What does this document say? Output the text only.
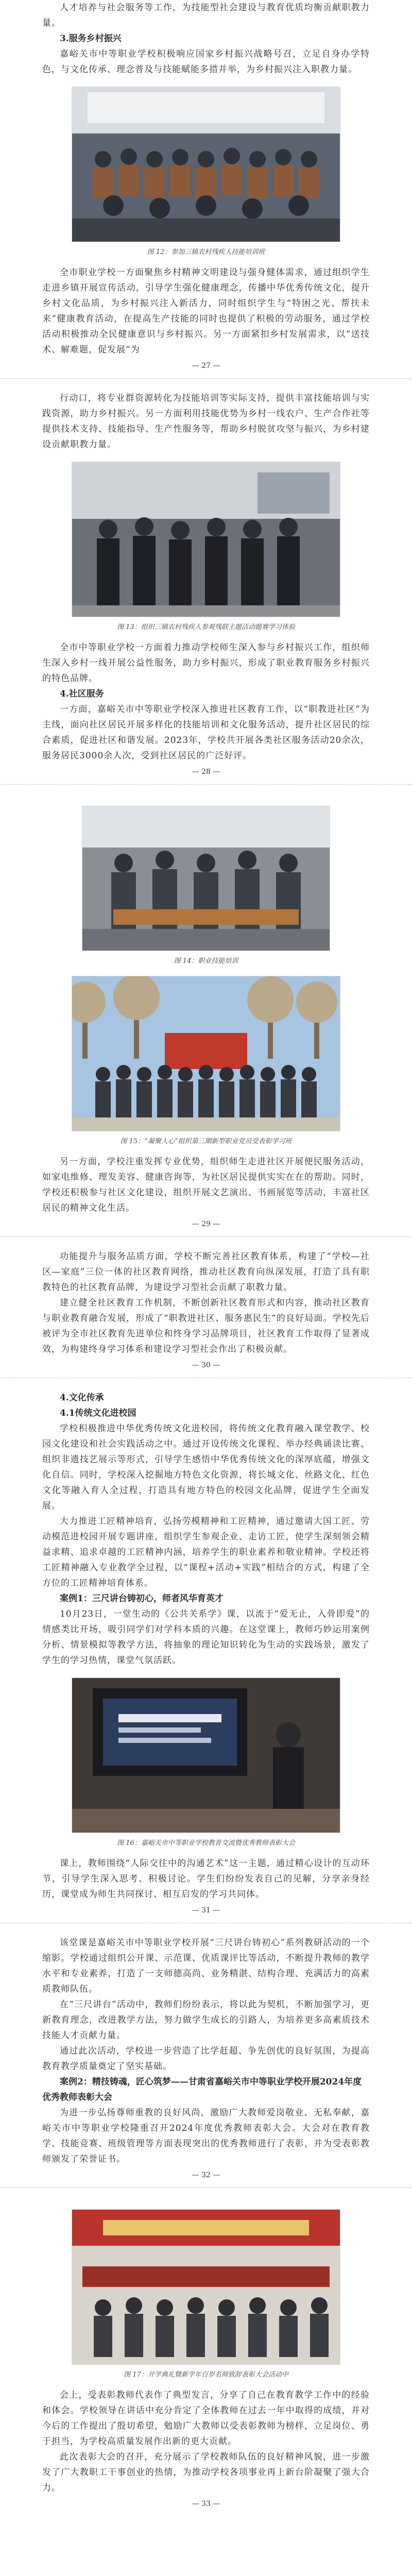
人才培养与社会服务等工作，为技能型社会建设与教育优质均衡贡献职教力量。

3.服务乡村振兴

嘉峪关市中等职业学校积极响应国家乡村振兴战略号召，立足自身办学特色，与文化传承、理念普及与技能赋能多措并举，为乡村振兴注入职教力量。

图 12：参加三镇农村残疾人技能培训班

全市职业学校一方面聚焦乡村精神文明建设与强身健体需求，通过组织学生走进乡镇开展宣传活动，引导学生强化健康理念，传播中华优秀传统文化，提升乡村文化品质，为乡村振兴注入新活力，同时组织学生与“特困之光、帮扶未来”健康教育活动，在提高生产技能的同时也提供了积极的劳动服务，通过学校活动积极推动全民健康意识与乡村振兴。另一方面紧扣乡村发展需求，以“送技术、解难题，促发展”为

— 27 —

行动口，将专业群资源转化为技能培训等实际支持，提供丰富技能培训与实践资源，助力乡村振兴。另一方面利用技能优势为乡村一线农户、生产合作社等提供技术支持、技能指导、生产性服务等，帮助乡村脱贫攻坚与振兴，为乡村建设贡献职教力量。

图 13：组织三镇农村残疾人参观残联主题活动题赛学习体验

全市中等职业学校一方面着力推动学校师生深入参与乡村振兴工作，组织师生深入乡村一线开展公益性服务，助力乡村振兴，形成了职业教育服务乡村振兴的特色品牌。

4.社区服务

一方面，嘉峪关市中等职业学校深入推进社区教育工作，以“职教进社区”为主线，面向社区居民开展多样化的技能培训和文化服务活动，提升社区居民的综合素质，促进社区和谐发展。2023年，学校共开展各类社区服务活动20余次，服务居民3000余人次，受到社区居民的广泛好评。

— 28 —

图 14：职业技能培训

图 15：“凝聚人心”组织第三期新型职业党员受表彰学习班

另一方面，学校注重发挥专业优势，组织师生走进社区开展便民服务活动，如家电维修、理发美容、健康咨询等，为社区居民提供实实在在的帮助。同时，学校还积极参与社区文化建设，组织开展文艺演出、书画展览等活动，丰富社区居民的精神文化生活。

— 29 —

功能提升与服务品质方面，学校不断完善社区教育体系，构建了“学校—社区—家庭”三位一体的社区教育网络，推动社区教育向纵深发展，打造了具有职教特色的社区教育品牌，为建设学习型社会贡献了职教力量。

建立健全社区教育工作机制，不断创新社区教育形式和内容，推动社区教育与职业教育融合发展，形成了“职教进社区、服务惠民生”的良好局面。学校先后被评为全市社区教育先进单位和终身学习品牌项目，社区教育工作取得了显著成效，为构建终身学习体系和建设学习型社会作出了积极贡献。

— 30 —

4.文化传承

4.1传统文化进校园

学校积极推进中华优秀传统文化进校园，将传统文化教育融入课堂教学、校园文化建设和社会实践活动之中。通过开设传统文化课程、举办经典诵读比赛、组织非遗技艺展示等形式，引导学生感悟中华优秀传统文化的深厚底蕴，增强文化自信。同时，学校深入挖掘地方特色文化资源，将长城文化、丝路文化、红色文化等融入育人全过程，打造具有地方特色的校园文化品牌，促进学生全面发展。

大力推进工匠精神培育，弘扬劳模精神和工匠精神，通过邀请大国工匠、劳动模范进校园开展专题讲座，组织学生参观企业、走访工匠，使学生深刻领会精益求精、追求卓越的工匠精神内涵，培养学生的职业素养和敬业精神。学校还将工匠精神融入专业教学全过程，以“课程+活动+实践”相结合的方式，构建了全方位的工匠精神培育体系。

案例1：三尺讲台铸初心，师者风华育英才

10月23日，一堂生动的《公共关系学》课，以流于“爱无止，入骨即爱”的情感类比开场，吸引同学们对学科本质的兴趣。在这堂课上，教师巧妙运用案例分析、情景模拟等教学方法，将抽象的理论知识转化为生动的实践场景，激发了学生的学习热情，课堂气氛活跃。

图 16：嘉峪关市中等职业学校教育交流暨优秀教师表彰大会

课上，教师围绕“人际交往中的沟通艺术”这一主题，通过精心设计的互动环节，引导学生深入思考、积极讨论。学生们纷纷发表自己的见解，分享亲身经历，课堂成为师生共同探讨、相互启发的学习共同体。

— 31 —

该堂课是嘉峪关市中等职业学校开展“三尺讲台铸初心”系列教研活动的一个缩影。学校通过组织公开课、示范课、优质课评比等活动，不断提升教师的教学水平和专业素养，打造了一支师德高尚、业务精湛、结构合理、充满活力的高素质教师队伍。

在“三尺讲台”活动中，教师们纷纷表示，将以此为契机，不断加强学习，更新教育理念，改进教学方法，努力做学生成长的引路人，为培养更多高素质技术技能人才贡献力量。

通过此次活动，学校进一步营造了比学赶超、争先创优的良好氛围，为提高教育教学质量奠定了坚实基础。

案例2：精技铸魂，匠心筑梦——甘肃省嘉峪关市中等职业学校开展2024年度优秀教师表彰大会

为进一步弘扬尊师重教的良好风尚，激励广大教师爱岗敬业、无私奉献，嘉峪关市中等职业学校隆重召开2024年度优秀教师表彰大会。大会对在教育教学、技能竞赛、班级管理等方面表现突出的优秀教师进行了表彰，并为受表彰教师颁发了荣誉证书。

— 32 —

图 17：开学典礼暨新学年百岁名师致辞表彰大会活动中

会上，受表彰教师代表作了典型发言，分享了自己在教育教学工作中的经验和体会。学校领导在讲话中充分肯定了全体教师在过去一年中取得的成绩，并对今后的工作提出了殷切希望，勉励广大教师以受表彰教师为榜样，立足岗位、勇于担当，为学校高质量发展作出新的更大贡献。

此次表彰大会的召开，充分展示了学校教师队伍的良好精神风貌，进一步激发了广大教职工干事创业的热情，为推动学校各项事业再上新台阶凝聚了强大合力。

— 33 —
